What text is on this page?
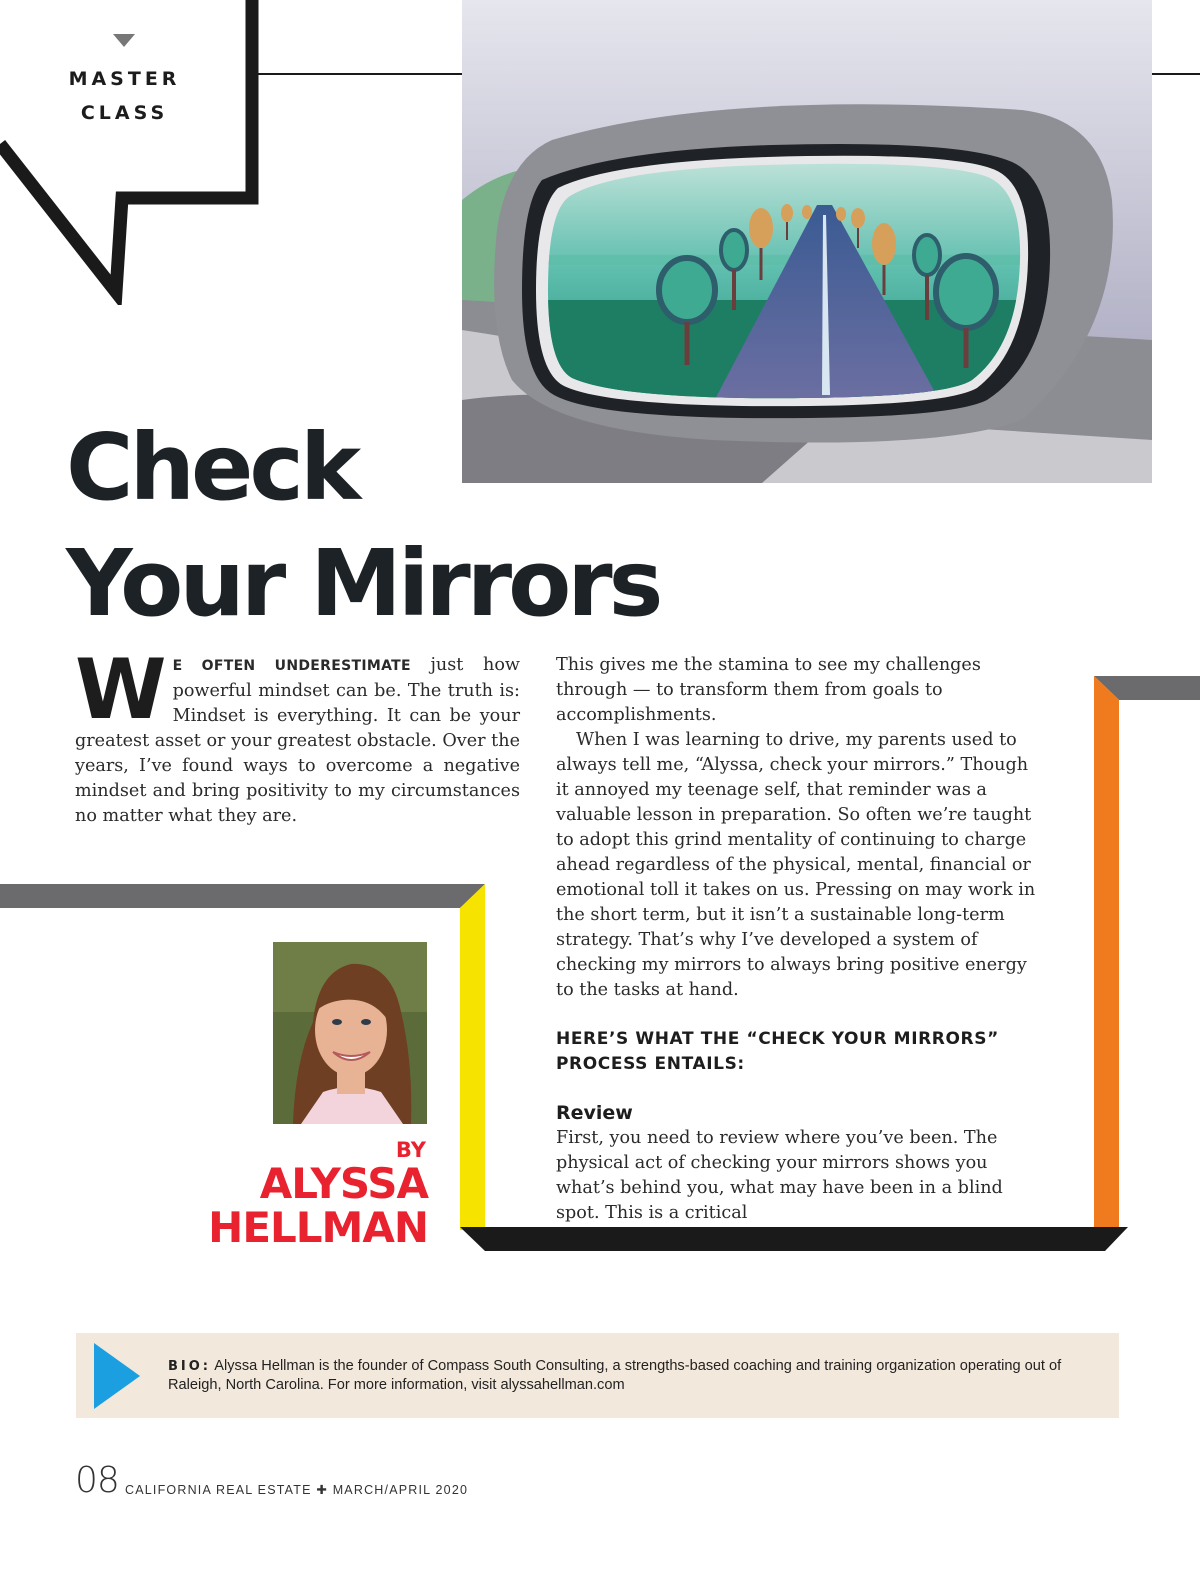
MASTER
CLASS
Check
Your Mirrors

W E OFTEN UNDERESTIMATE just how powerful mindset can be. The truth is: Mindset is everything. It can be your greatest asset or your greatest obstacle. Over the years, I’ve found ways to overcome a negative mindset and bring positivity to my circumstances no matter what they are.

This gives me the stamina to see my challenges through — to transform them from goals to accomplishments.

When I was learning to drive, my parents used to always tell me, “Alyssa, check your mirrors.” Though it annoyed my teenage self, that reminder was a valuable lesson in preparation. So often we’re taught to adopt this grind mentality of continuing to charge ahead regardless of the physical, mental, financial or emotional toll it takes on us. Pressing on may work in the short term, but it isn’t a sustainable long-term strategy. That’s why I’ve developed a system of checking my mirrors to always bring positive energy to the tasks at hand.

HERE’S WHAT THE “CHECK YOUR MIRRORS” PROCESS ENTAILS:
Review

First, you need to review where you’ve been. The physical act of checking your mirrors shows you what’s behind you, what may have been in a blind spot. This is a critical

BY
ALYSSA
HELLMAN
BIO: Alyssa Hellman is the founder of Compass South Consulting, a strengths-based coaching and training organization operating out of Raleigh, North Carolina. For more information, visit alyssahellman.com
08 CALIFORNIA REAL ESTATE ✚ MARCH/APRIL 2020
